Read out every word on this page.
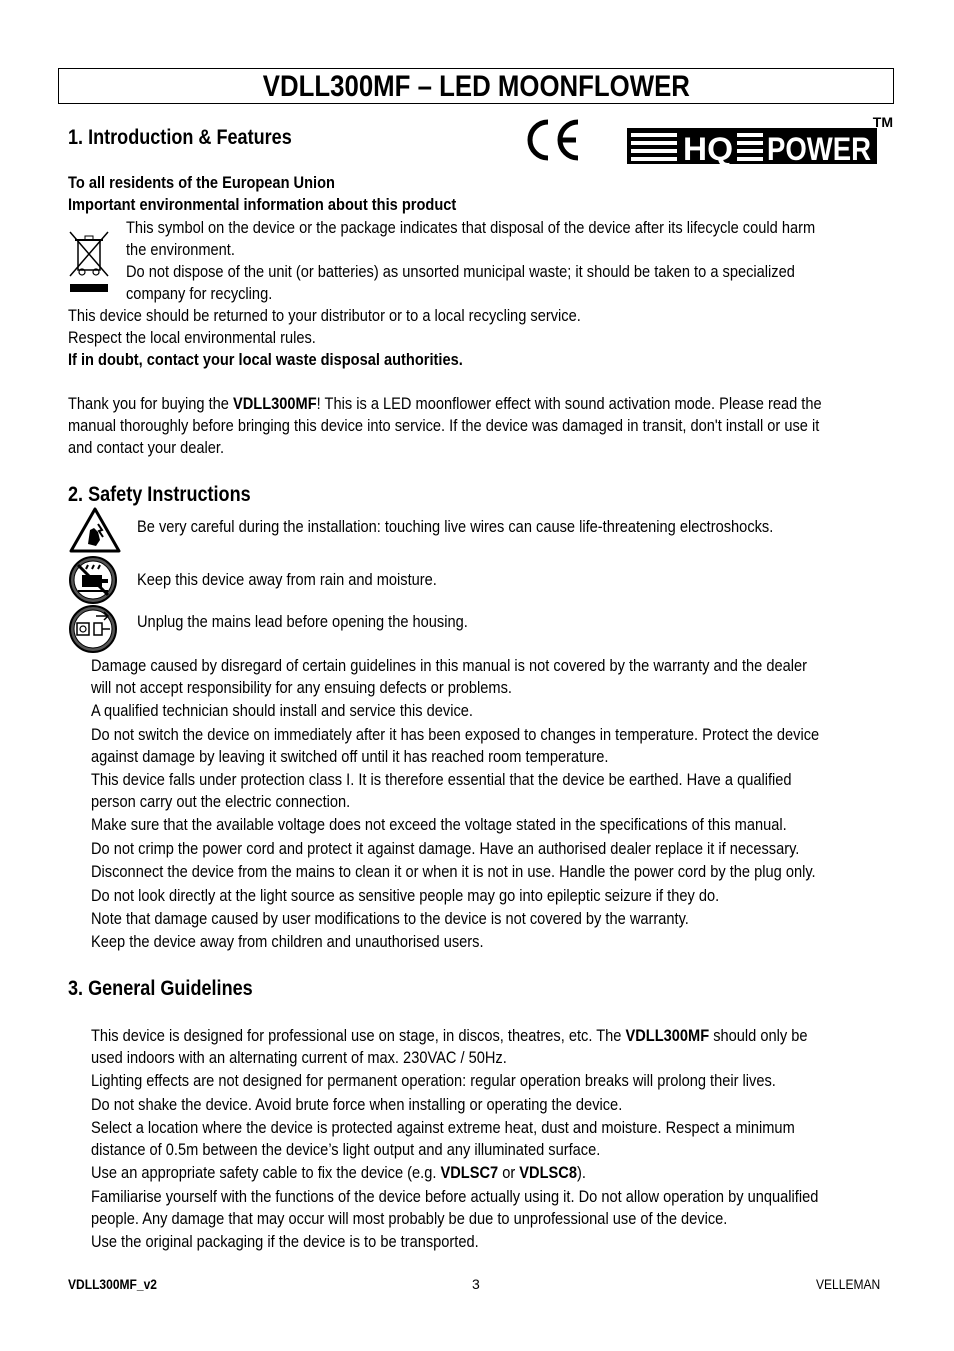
VDLL300MF – LED MOONFLOWER
1. Introduction & Features	HQ POWER
TM
To all residents of the European Union
Important environmental information about this product
This symbol on the device or the package indicates that disposal of the device after its lifecycle could harm
the environment.
Do not dispose of the unit (or batteries) as unsorted municipal waste; it should be taken to a specialized
company for recycling.
This device should be returned to your distributor or to a local recycling service.
Respect the local environmental rules.
If in doubt, contact your local waste disposal authorities.
Thank you for buying the VDLL300MF! This is a LED moonflower effect with sound activation mode. Please read the
manual thoroughly before bringing this device into service. If the device was damaged in transit, don't install or use it
and contact your dealer.
2. Safety Instructions
Be very careful during the installation: touching live wires can cause life-threatening electroshocks.
Keep this device away from rain and moisture.
Unplug the mains lead before opening the housing.
Damage caused by disregard of certain guidelines in this manual is not covered by the warranty and the dealer
will not accept responsibility for any ensuing defects or problems.
A qualified technician should install and service this device.
Do not switch the device on immediately after it has been exposed to changes in temperature. Protect the device
against damage by leaving it switched off until it has reached room temperature.
This device falls under protection class I. It is therefore essential that the device be earthed. Have a qualified
person carry out the electric connection.
Make sure that the available voltage does not exceed the voltage stated in the specifications of this manual.
Do not crimp the power cord and protect it against damage. Have an authorised dealer replace it if necessary.
Disconnect the device from the mains to clean it or when it is not in use. Handle the power cord by the plug only.
Do not look directly at the light source as sensitive people may go into epileptic seizure if they do.
Note that damage caused by user modifications to the device is not covered by the warranty.
Keep the device away from children and unauthorised users.
3. General Guidelines
This device is designed for professional use on stage, in discos, theatres, etc. The VDLL300MF should only be
used indoors with an alternating current of max. 230VAC / 50Hz.
Lighting effects are not designed for permanent operation: regular operation breaks will prolong their lives.
Do not shake the device. Avoid brute force when installing or operating the device.
Select a location where the device is protected against extreme heat, dust and moisture. Respect a minimum
distance of 0.5m between the device’s light output and any illuminated surface.
Use an appropriate safety cable to fix the device (e.g. VDLSC7 or VDLSC8).
Familiarise yourself with the functions of the device before actually using it. Do not allow operation by unqualified
people. Any damage that may occur will most probably be due to unprofessional use of the device.
Use the original packaging if the device is to be transported.
VDLL300MF_v2	3	VELLEMAN
